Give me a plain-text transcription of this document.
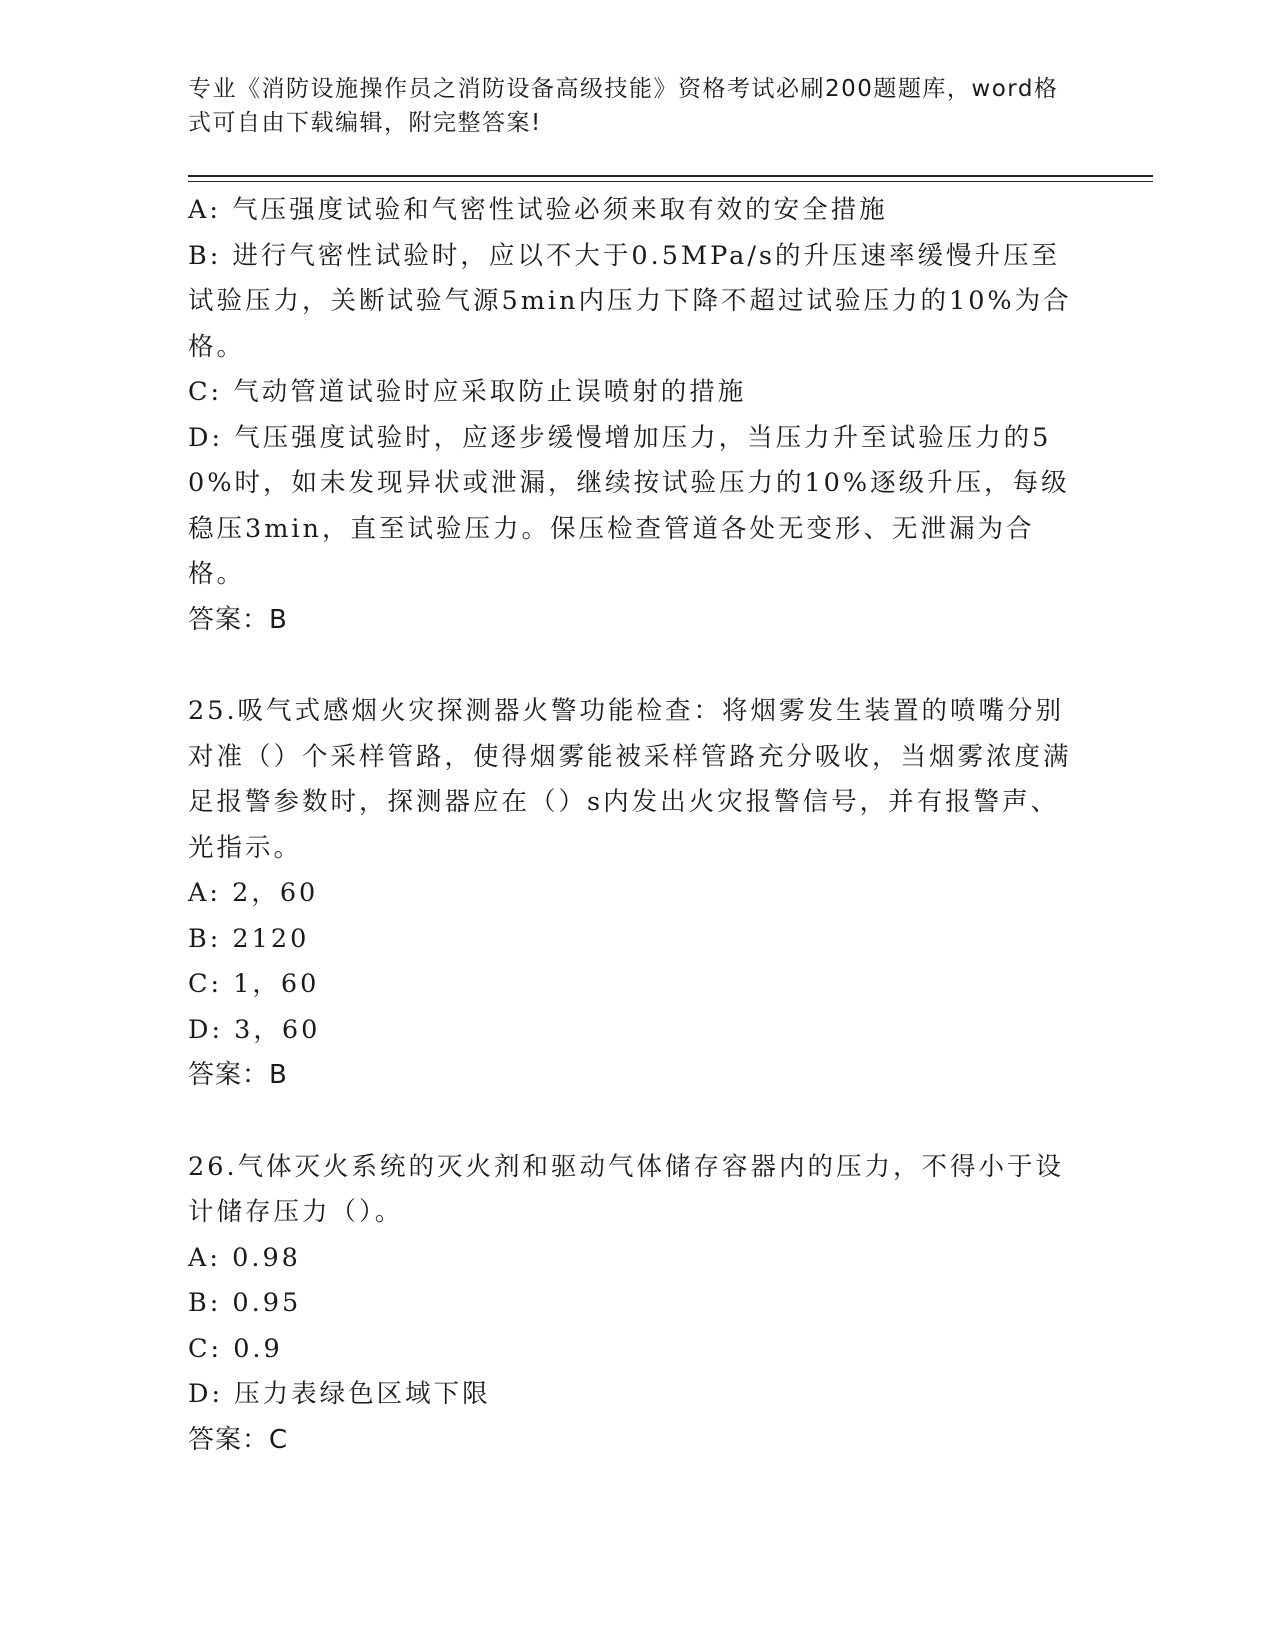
专业《消防设施操作员之消防设备高级技能》资格考试必刷200题题库，word格式可自由下载编辑，附完整答案!

A: 气压强度试验和气密性试验必须来取有效的安全措施

B: 进行气密性试验时，应以不大于0.5MPa/s的升压速率缓慢升压至试验压力，关断试验气源5min内压力下降不超过试验压力的10%为合格。

C: 气动管道试验时应采取防止误喷射的措施

D: 气压强度试验时，应逐步缓慢增加压力，当压力升至试验压力的50%时，如未发现异状或泄漏，继续按试验压力的10%逐级升压，每级稳压3min，直至试验压力。保压检查管道各处无变形、无泄漏为合格。

答案：B

25.吸气式感烟火灾探测器火警功能检查：将烟雾发生装置的喷嘴分别对准（）个采样管路，使得烟雾能被采样管路充分吸收，当烟雾浓度满足报警参数时，探测器应在（）s内发出火灾报警信号，并有报警声、光指示。

A: 2，60

B: 2120

C: 1，60

D: 3，60

答案：B

26.气体灭火系统的灭火剂和驱动气体储存容器内的压力，不得小于设计储存压力（）。

A: 0.98

B: 0.95

C: 0.9

D: 压力表绿色区域下限

答案：C
